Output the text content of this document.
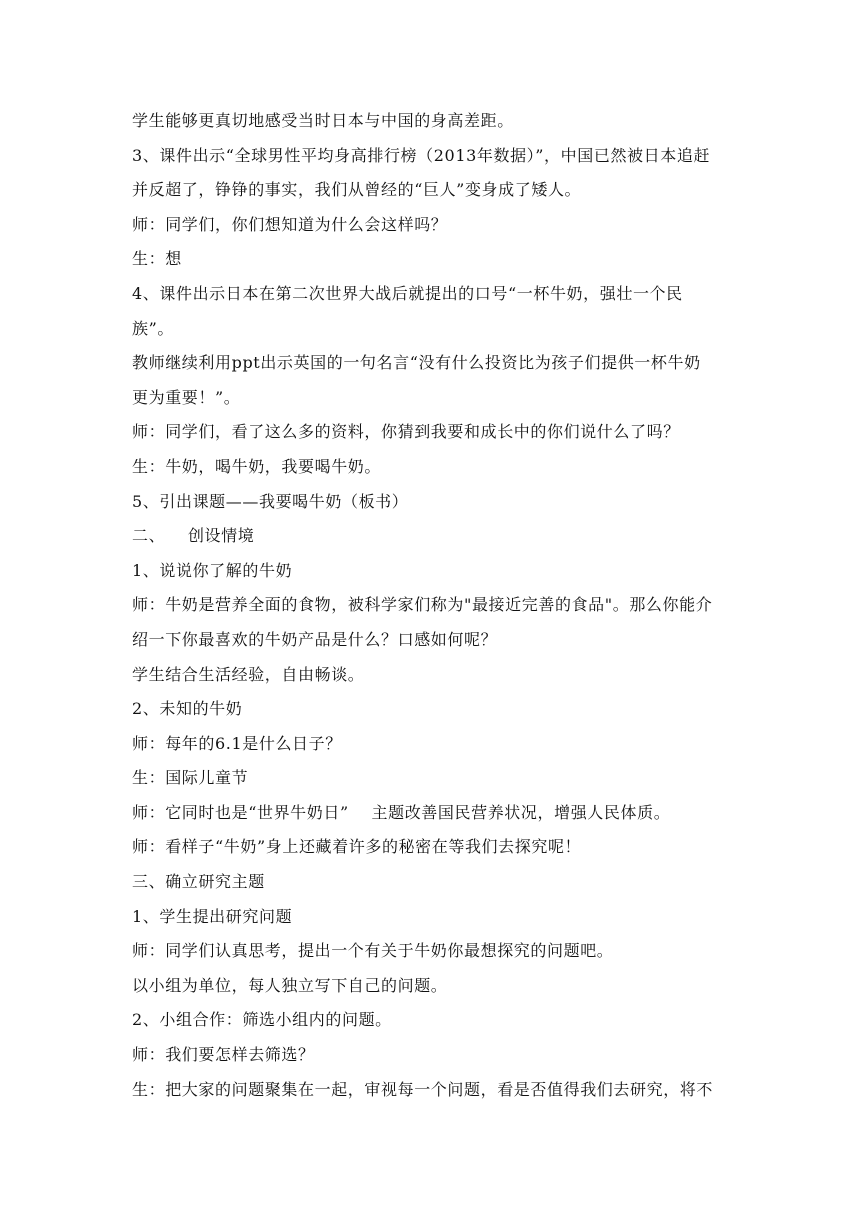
学生能够更真切地感受当时日本与中国的身高差距。
3、课件出示“全球男性平均身高排行榜（2013年数据）”，中国已然被日本追赶
并反超了，铮铮的事实，我们从曾经的“巨人”变身成了矮人。
师：同学们，你们想知道为什么会这样吗？
生：想
4、课件出示日本在第二次世界大战后就提出的口号“一杯牛奶，强壮一个民
族”。
教师继续利用ppt出示英国的一句名言“没有什么投资比为孩子们提供一杯牛奶
更为重要！”。
师：同学们，看了这么多的资料，你猜到我要和成长中的你们说什么了吗？
生：牛奶，喝牛奶，我要喝牛奶。
5、引出课题——我要喝牛奶（板书）
二、    创设情境
1、说说你了解的牛奶
师：牛奶是营养全面的食物，被科学家们称为"最接近完善的食品"。那么你能介
绍一下你最喜欢的牛奶产品是什么？口感如何呢？
学生结合生活经验，自由畅谈。
2、未知的牛奶
师：每年的6.1是什么日子？
生：国际儿童节
师：它同时也是“世界牛奶日”    主题改善国民营养状况，增强人民体质。
师：看样子“牛奶”身上还藏着许多的秘密在等我们去探究呢！
三、确立研究主题
1、学生提出研究问题
师：同学们认真思考，提出一个有关于牛奶你最想探究的问题吧。
以小组为单位，每人独立写下自己的问题。
2、小组合作：筛选小组内的问题。
师：我们要怎样去筛选？
生：把大家的问题聚集在一起，审视每一个问题，看是否值得我们去研究，将不
